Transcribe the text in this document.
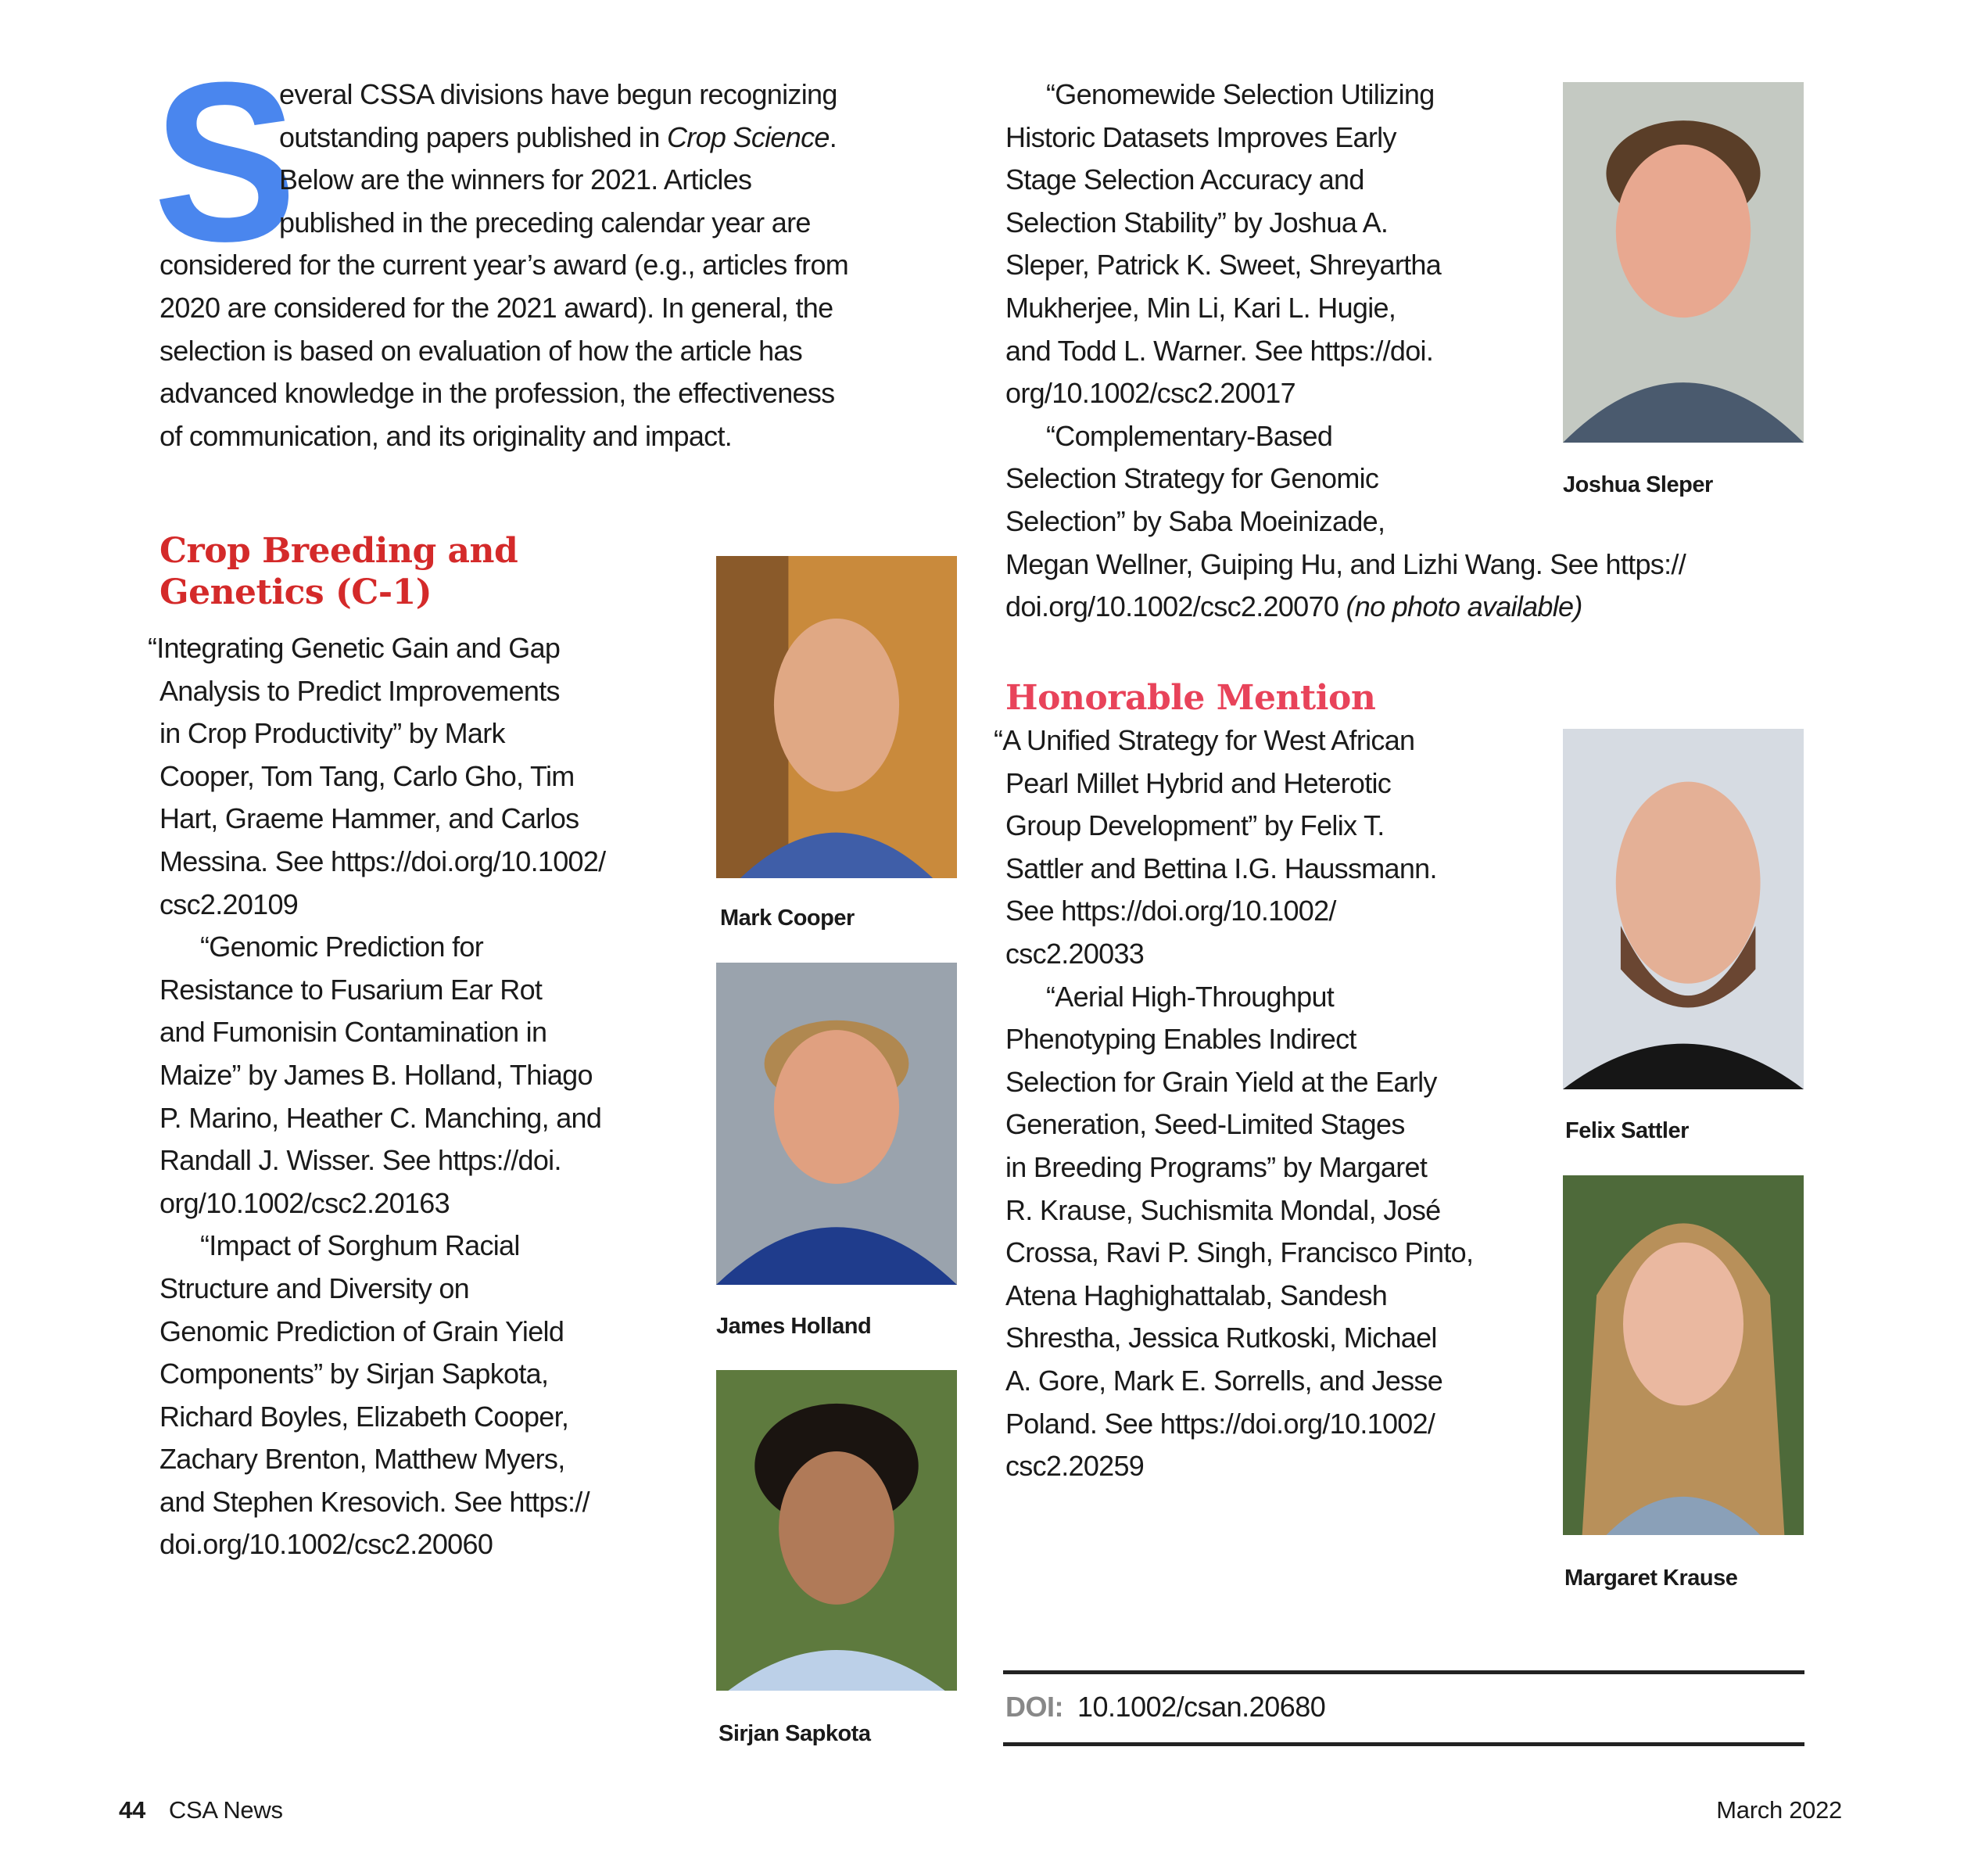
S
everal CSSA divisions have begun recognizing
outstanding papers published in Crop Science.
Below are the winners for 2021. Articles
published in the preceding calendar year are
considered for the current year’s award (e.g., articles from
2020 are considered for the 2021 award). In general, the
selection is based on evaluation of how the article has
advanced knowledge in the profession, the effectiveness
of communication, and its originality and impact.
Crop Breeding and
Genetics (C-1)
“Integrating Genetic Gain and Gap
Analysis to Predict Improvements
in Crop Productivity” by Mark
Cooper, Tom Tang, Carlo Gho, Tim
Hart, Graeme Hammer, and Carlos
Messina. See https://doi.org/10.1002/
csc2.20109
“Genomic Prediction for
Resistance to Fusarium Ear Rot
and Fumonisin Contamination in
Maize” by James B. Holland, Thiago
P. Marino, Heather C. Manching, and
Randall J. Wisser. See https://doi.
org/10.1002/csc2.20163
“Impact of Sorghum Racial
Structure and Diversity on
Genomic Prediction of Grain Yield
Components” by Sirjan Sapkota,
Richard Boyles, Elizabeth Cooper,
Zachary Brenton, Matthew Myers,
and Stephen Kresovich. See https://
doi.org/10.1002/csc2.20060
“Genomewide Selection Utilizing
Historic Datasets Improves Early
Stage Selection Accuracy and
Selection Stability” by Joshua A.
Sleper, Patrick K. Sweet, Shreyartha
Mukherjee, Min Li, Kari L. Hugie,
and Todd L. Warner. See https://doi.
org/10.1002/csc2.20017
“Complementary-Based
Selection Strategy for Genomic
Selection” by Saba Moeinizade,
Megan Wellner, Guiping Hu, and Lizhi Wang. See https://
doi.org/10.1002/csc2.20070 (no photo available)
Honorable Mention
“A Unified Strategy for West African
Pearl Millet Hybrid and Heterotic
Group Development” by Felix T.
Sattler and Bettina I.G. Haussmann.
See https://doi.org/10.1002/
csc2.20033
“Aerial High-Throughput
Phenotyping Enables Indirect
Selection for Grain Yield at the Early
Generation, Seed-Limited Stages
in Breeding Programs” by Margaret
R. Krause, Suchismita Mondal, José
Crossa, Ravi P. Singh, Francisco Pinto,
Atena Haghighattalab, Sandesh
Shrestha, Jessica Rutkoski, Michael
A. Gore, Mark E. Sorrells, and Jesse
Poland. See https://doi.org/10.1002/
csc2.20259
Mark Cooper
James Holland
Sirjan Sapkota
Joshua Sleper
Felix Sattler
Margaret Krause
DOI: 10.1002/csan.20680
44 CSA News	March 2022
